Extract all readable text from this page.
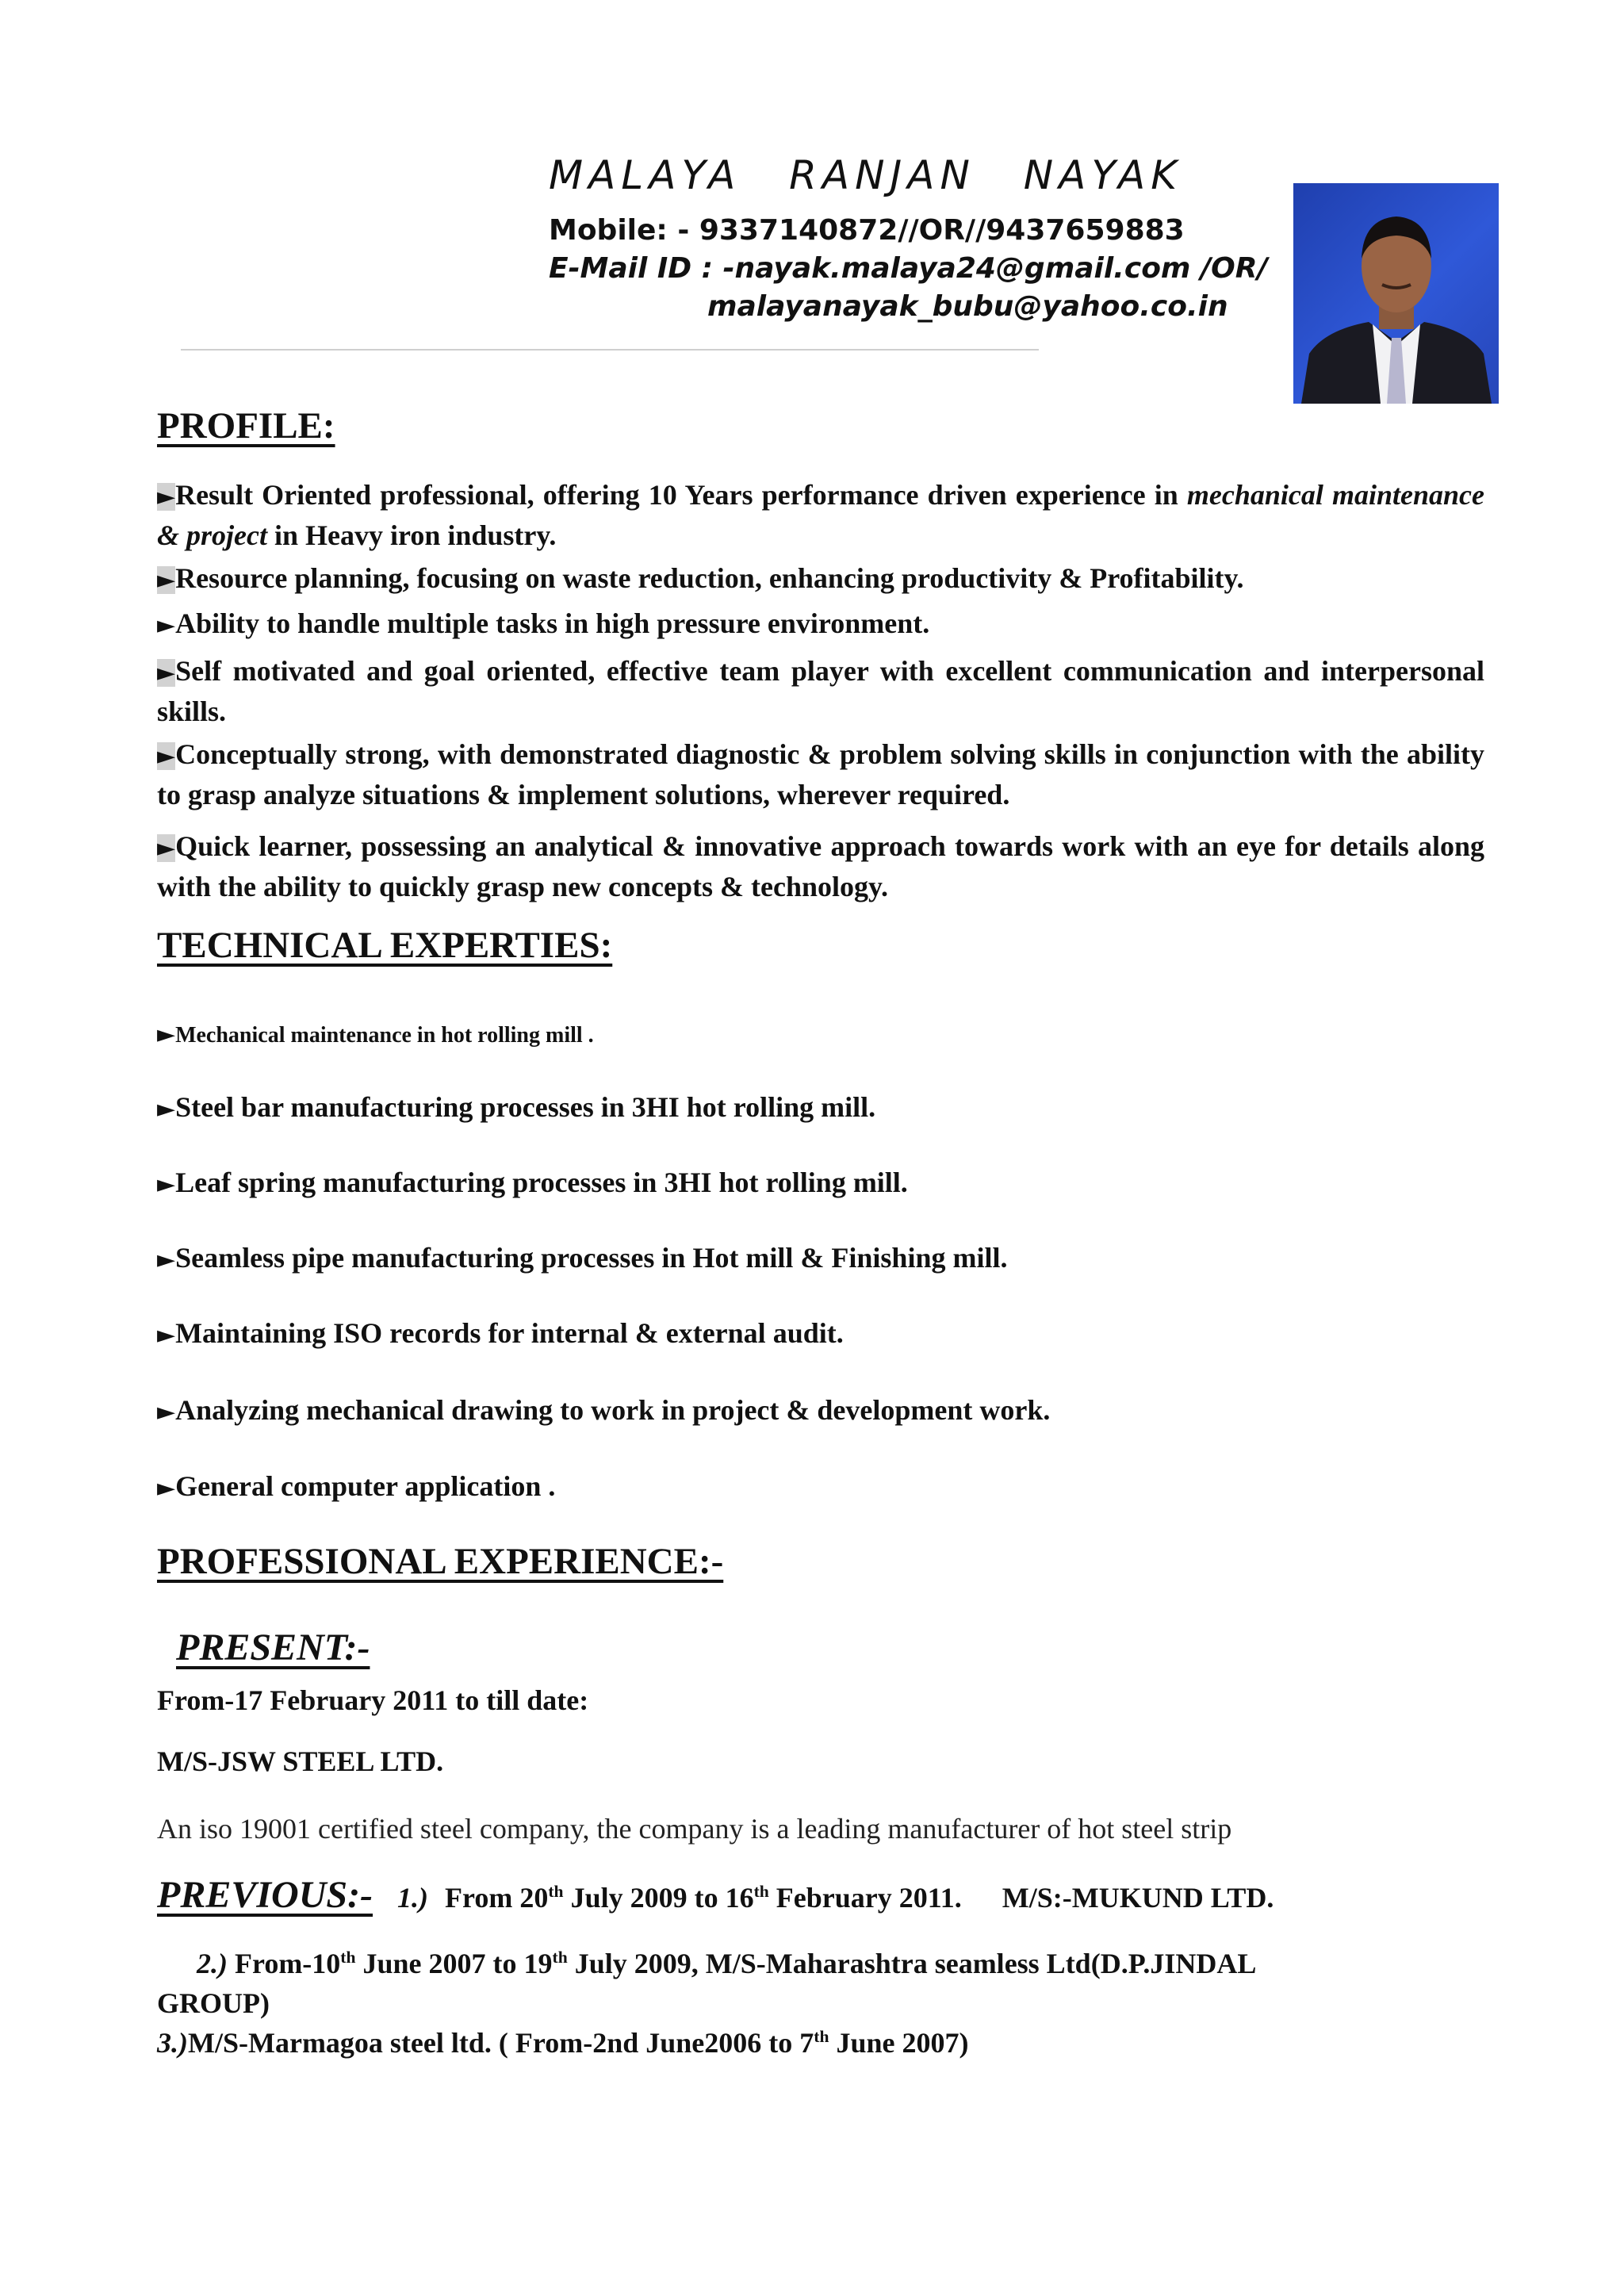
MALAYA RANJAN NAYAK
Mobile: - 9337140872//OR//9437659883
E-Mail ID : -nayak.malaya24@gmail.com /OR/
malayanayak_bubu@yahoo.co.in
PROFILE:
►Result Oriented professional, offering 10 Years performance driven experience in mechanical maintenance & project in Heavy iron industry.
►Resource planning, focusing on waste reduction, enhancing productivity & Profitability.
►Ability to handle multiple tasks in high pressure environment.
►Self motivated and goal oriented, effective team player with excellent communication and interpersonal skills.
►Conceptually strong, with demonstrated diagnostic & problem solving skills in conjunction with the ability to grasp analyze situations & implement solutions, wherever required.
►Quick learner, possessing an analytical & innovative approach towards work with an eye for details along with the ability to quickly grasp new concepts & technology.
TECHNICAL EXPERTIES:
►Mechanical maintenance in hot rolling mill .
►Steel bar manufacturing processes in 3HI hot rolling mill.
►Leaf spring manufacturing processes in 3HI hot rolling mill.
►Seamless pipe manufacturing processes in Hot mill & Finishing mill.
►Maintaining ISO records for internal & external audit.
►Analyzing mechanical drawing to work in project & development work.
►General computer application .
PROFESSIONAL EXPERIENCE:-
PRESENT:-
From-17 February 2011 to till date:
M/S-JSW STEEL LTD.
An iso 19001 certified steel company, the company is a leading manufacturer of hot steel strip
PREVIOUS:- 1.) From 20th July 2009 to 16th February 2011. M/S:-MUKUND LTD.
2.) From-10th June 2007 to 19th July 2009, M/S-Maharashtra seamless Ltd(D.P.JINDAL
GROUP)
3.)M/S-Marmagoa steel ltd. ( From-2nd June2006 to 7th June 2007)
